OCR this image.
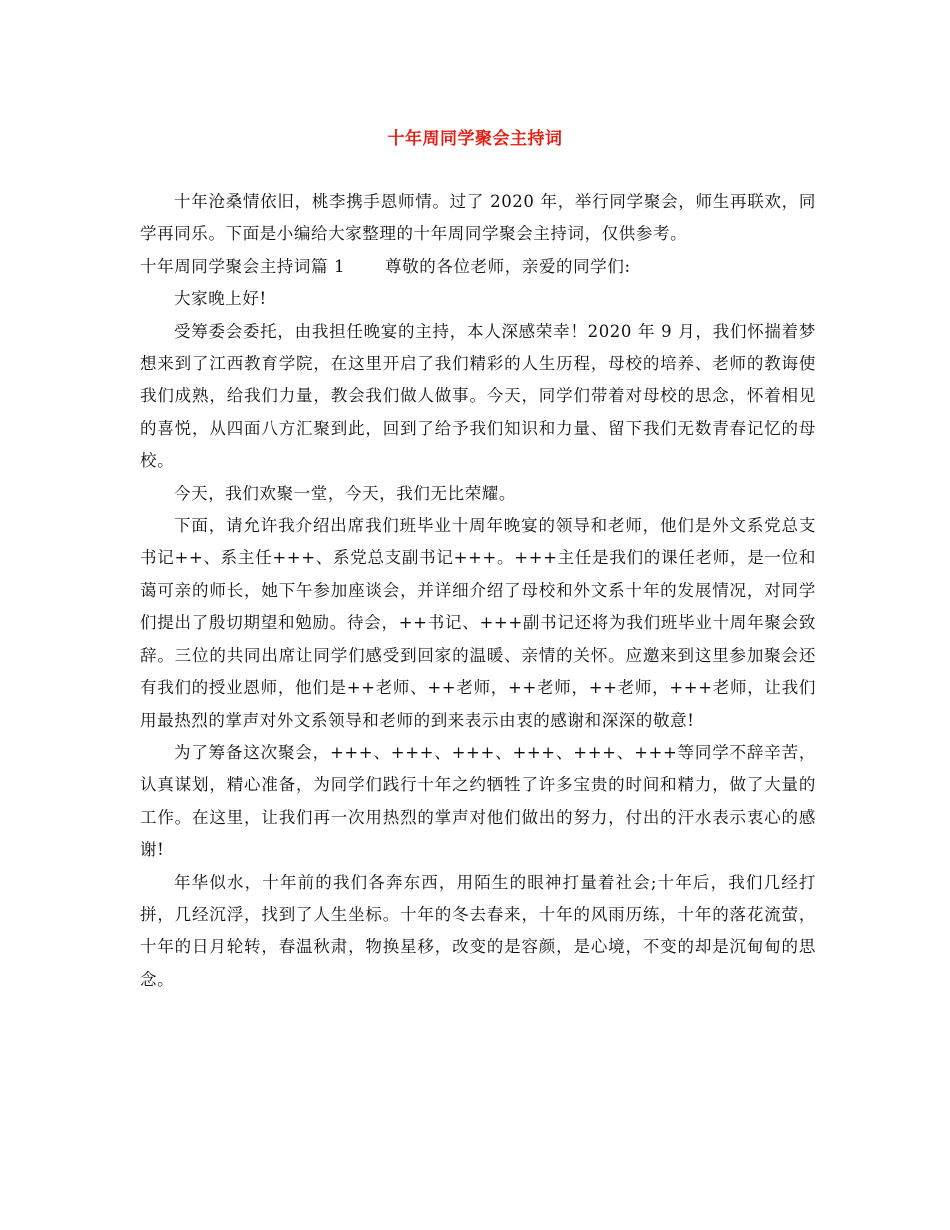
十年周同学聚会主持词

十年沧桑情依旧，桃李携手恩师情。过了 2020 年，举行同学聚会，师生再联欢，同学再同乐。下面是小编给大家整理的十年周同学聚会主持词，仅供参考。

十年周同学聚会主持词篇 1 尊敬的各位老师，亲爱的同学们:

大家晚上好!

受筹委会委托，由我担任晚宴的主持，本人深感荣幸！2020 年 9 月，我们怀揣着梦想来到了江西教育学院，在这里开启了我们精彩的人生历程，母校的培养、老师的教诲使我们成熟，给我们力量，教会我们做人做事。今天，同学们带着对母校的思念，怀着相见的喜悦，从四面八方汇聚到此，回到了给予我们知识和力量、留下我们无数青春记忆的母校。

今天，我们欢聚一堂，今天，我们无比荣耀。

下面，请允许我介绍出席我们班毕业十周年晚宴的领导和老师，他们是外文系党总支书记++、系主任+++、系党总支副书记+++。+++主任是我们的课任老师，是一位和蔼可亲的师长，她下午参加座谈会，并详细介绍了母校和外文系十年的发展情况，对同学们提出了殷切期望和勉励。待会，++书记、+++副书记还将为我们班毕业十周年聚会致辞。三位的共同出席让同学们感受到回家的温暖、亲情的关怀。应邀来到这里参加聚会还有我们的授业恩师，他们是++老师、++老师，++老师，++老师，+++老师，让我们用最热烈的掌声对外文系领导和老师的到来表示由衷的感谢和深深的敬意!

为了筹备这次聚会，+++、+++、+++、+++、+++、+++等同学不辞辛苦，认真谋划，精心准备，为同学们践行十年之约牺牲了许多宝贵的时间和精力，做了大量的工作。在这里，让我们再一次用热烈的掌声对他们做出的努力，付出的汗水表示衷心的感谢!

年华似水，十年前的我们各奔东西，用陌生的眼神打量着社会;十年后，我们几经打拼，几经沉浮，找到了人生坐标。十年的冬去春来，十年的风雨历练，十年的落花流萤，十年的日月轮转，春温秋肃，物换星移，改变的是容颜，是心境，不变的却是沉甸甸的思念。
